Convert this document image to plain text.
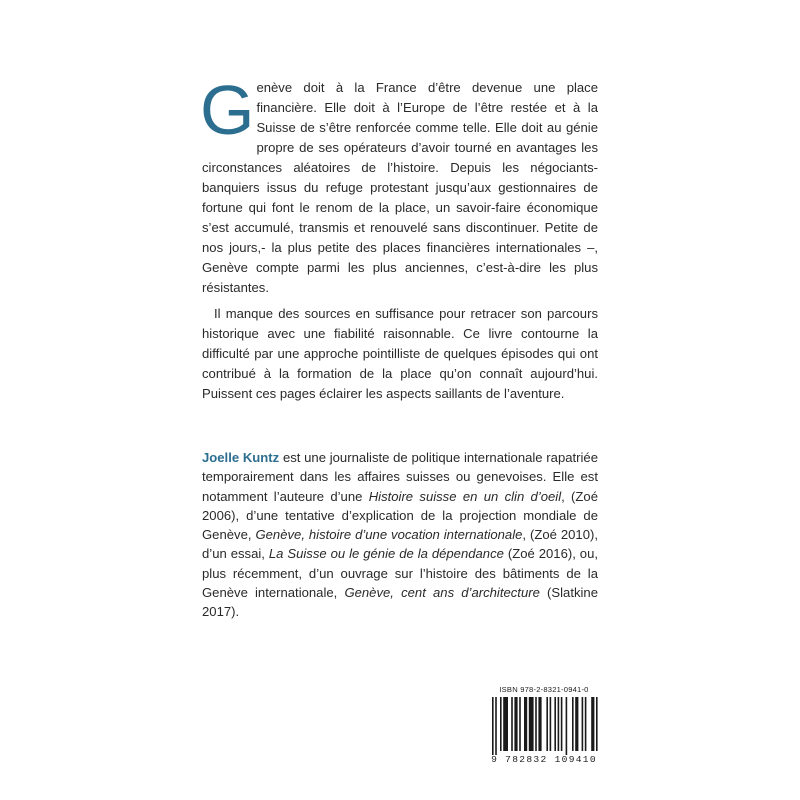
Genève doit à la France d’être devenue une place financière. Elle doit à l’Europe de l’être restée et à la Suisse de s’être renforcée comme telle. Elle doit au génie propre de ses opérateurs d’avoir tourné en avantages les circonstances aléatoires de l’histoire. Depuis les négociants-banquiers issus du refuge protestant jusqu’aux gestionnaires de fortune qui font le renom de la place, un savoir-faire économique s’est accumulé, transmis et renouvelé sans discontinuer. Petite de nos jours,- la plus petite des places financières internationales –, Genève compte parmi les plus anciennes, c’est-à-dire les plus résistantes.

Il manque des sources en suffisance pour retracer son parcours historique avec une fiabilité raisonnable. Ce livre contourne la difficulté par une approche pointilliste de quelques épisodes qui ont contribué à la formation de la place qu’on connaît aujourd’hui. Puissent ces pages éclairer les aspects saillants de l’aventure.

Joelle Kuntz est une journaliste de politique internationale rapatriée temporairement dans les affaires suisses ou genevoises. Elle est notamment l’auteure d’une Histoire suisse en un clin d’oeil, (Zoé 2006), d’une tentative d’explication de la projection mondiale de Genève, Genève, histoire d’une vocation internationale, (Zoé 2010), d’un essai, La Suisse ou le génie de la dépendance (Zoé 2016), ou, plus récemment, d’un ouvrage sur l’histoire des bâtiments de la Genève internationale, Genève, cent ans d’architecture (Slatkine 2017).
ISBN 978-2-8321-0941-0
9 782832 109410
